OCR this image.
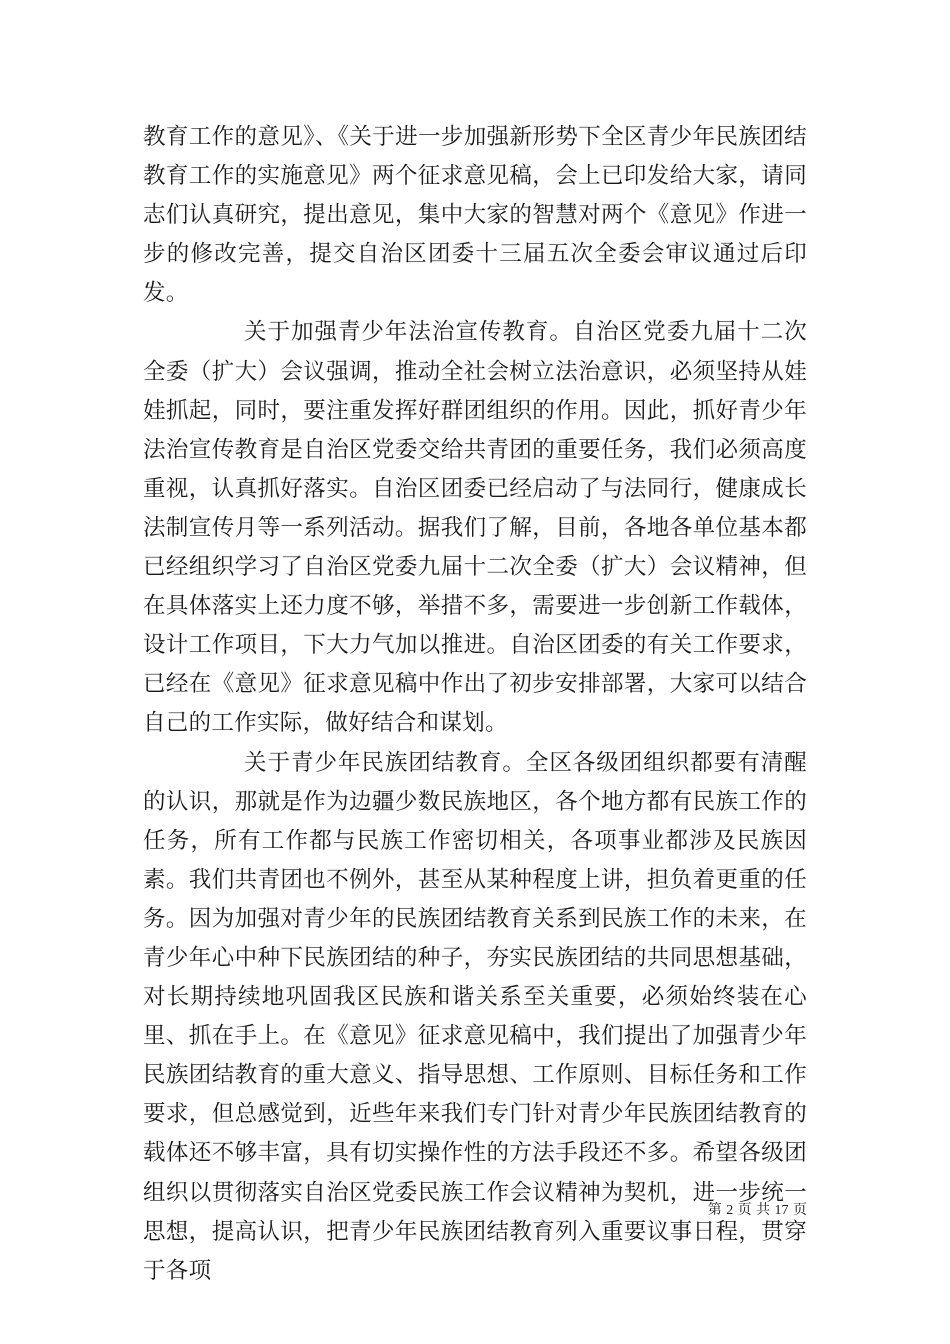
教育工作的意见》、《关于进一步加强新形势下全区青少年民族团结教育工作的实施意见》两个征求意见稿，会上已印发给大家，请同志们认真研究，提出意见，集中大家的智慧对两个《意见》作进一步的修改完善，提交自治区团委十三届五次全委会审议通过后印发。

关于加强青少年法治宣传教育。自治区党委九届十二次全委（扩大）会议强调，推动全社会树立法治意识，必须坚持从娃娃抓起，同时，要注重发挥好群团组织的作用。因此，抓好青少年法治宣传教育是自治区党委交给共青团的重要任务，我们必须高度重视，认真抓好落实。自治区团委已经启动了与法同行，健康成长法制宣传月等一系列活动。据我们了解，目前，各地各单位基本都已经组织学习了自治区党委九届十二次全委（扩大）会议精神，但在具体落实上还力度不够，举措不多，需要进一步创新工作载体，设计工作项目，下大力气加以推进。自治区团委的有关工作要求，已经在《意见》征求意见稿中作出了初步安排部署，大家可以结合自己的工作实际，做好结合和谋划。

关于青少年民族团结教育。全区各级团组织都要有清醒的认识，那就是作为边疆少数民族地区，各个地方都有民族工作的任务，所有工作都与民族工作密切相关，各项事业都涉及民族因素。我们共青团也不例外，甚至从某种程度上讲，担负着更重的任务。因为加强对青少年的民族团结教育关系到民族工作的未来，在青少年心中种下民族团结的种子，夯实民族团结的共同思想基础，对长期持续地巩固我区民族和谐关系至关重要，必须始终装在心里、抓在手上。在《意见》征求意见稿中，我们提出了加强青少年民族团结教育的重大意义、指导思想、工作原则、目标任务和工作要求，但总感觉到，近些年来我们专门针对青少年民族团结教育的载体还不够丰富，具有切实操作性的方法手段还不多。希望各级团组织以贯彻落实自治区党委民族工作会议精神为契机，进一步统一思想，提高认识，把青少年民族团结教育列入重要议事日程，贯穿于各项

第 2 页 共 17 页
